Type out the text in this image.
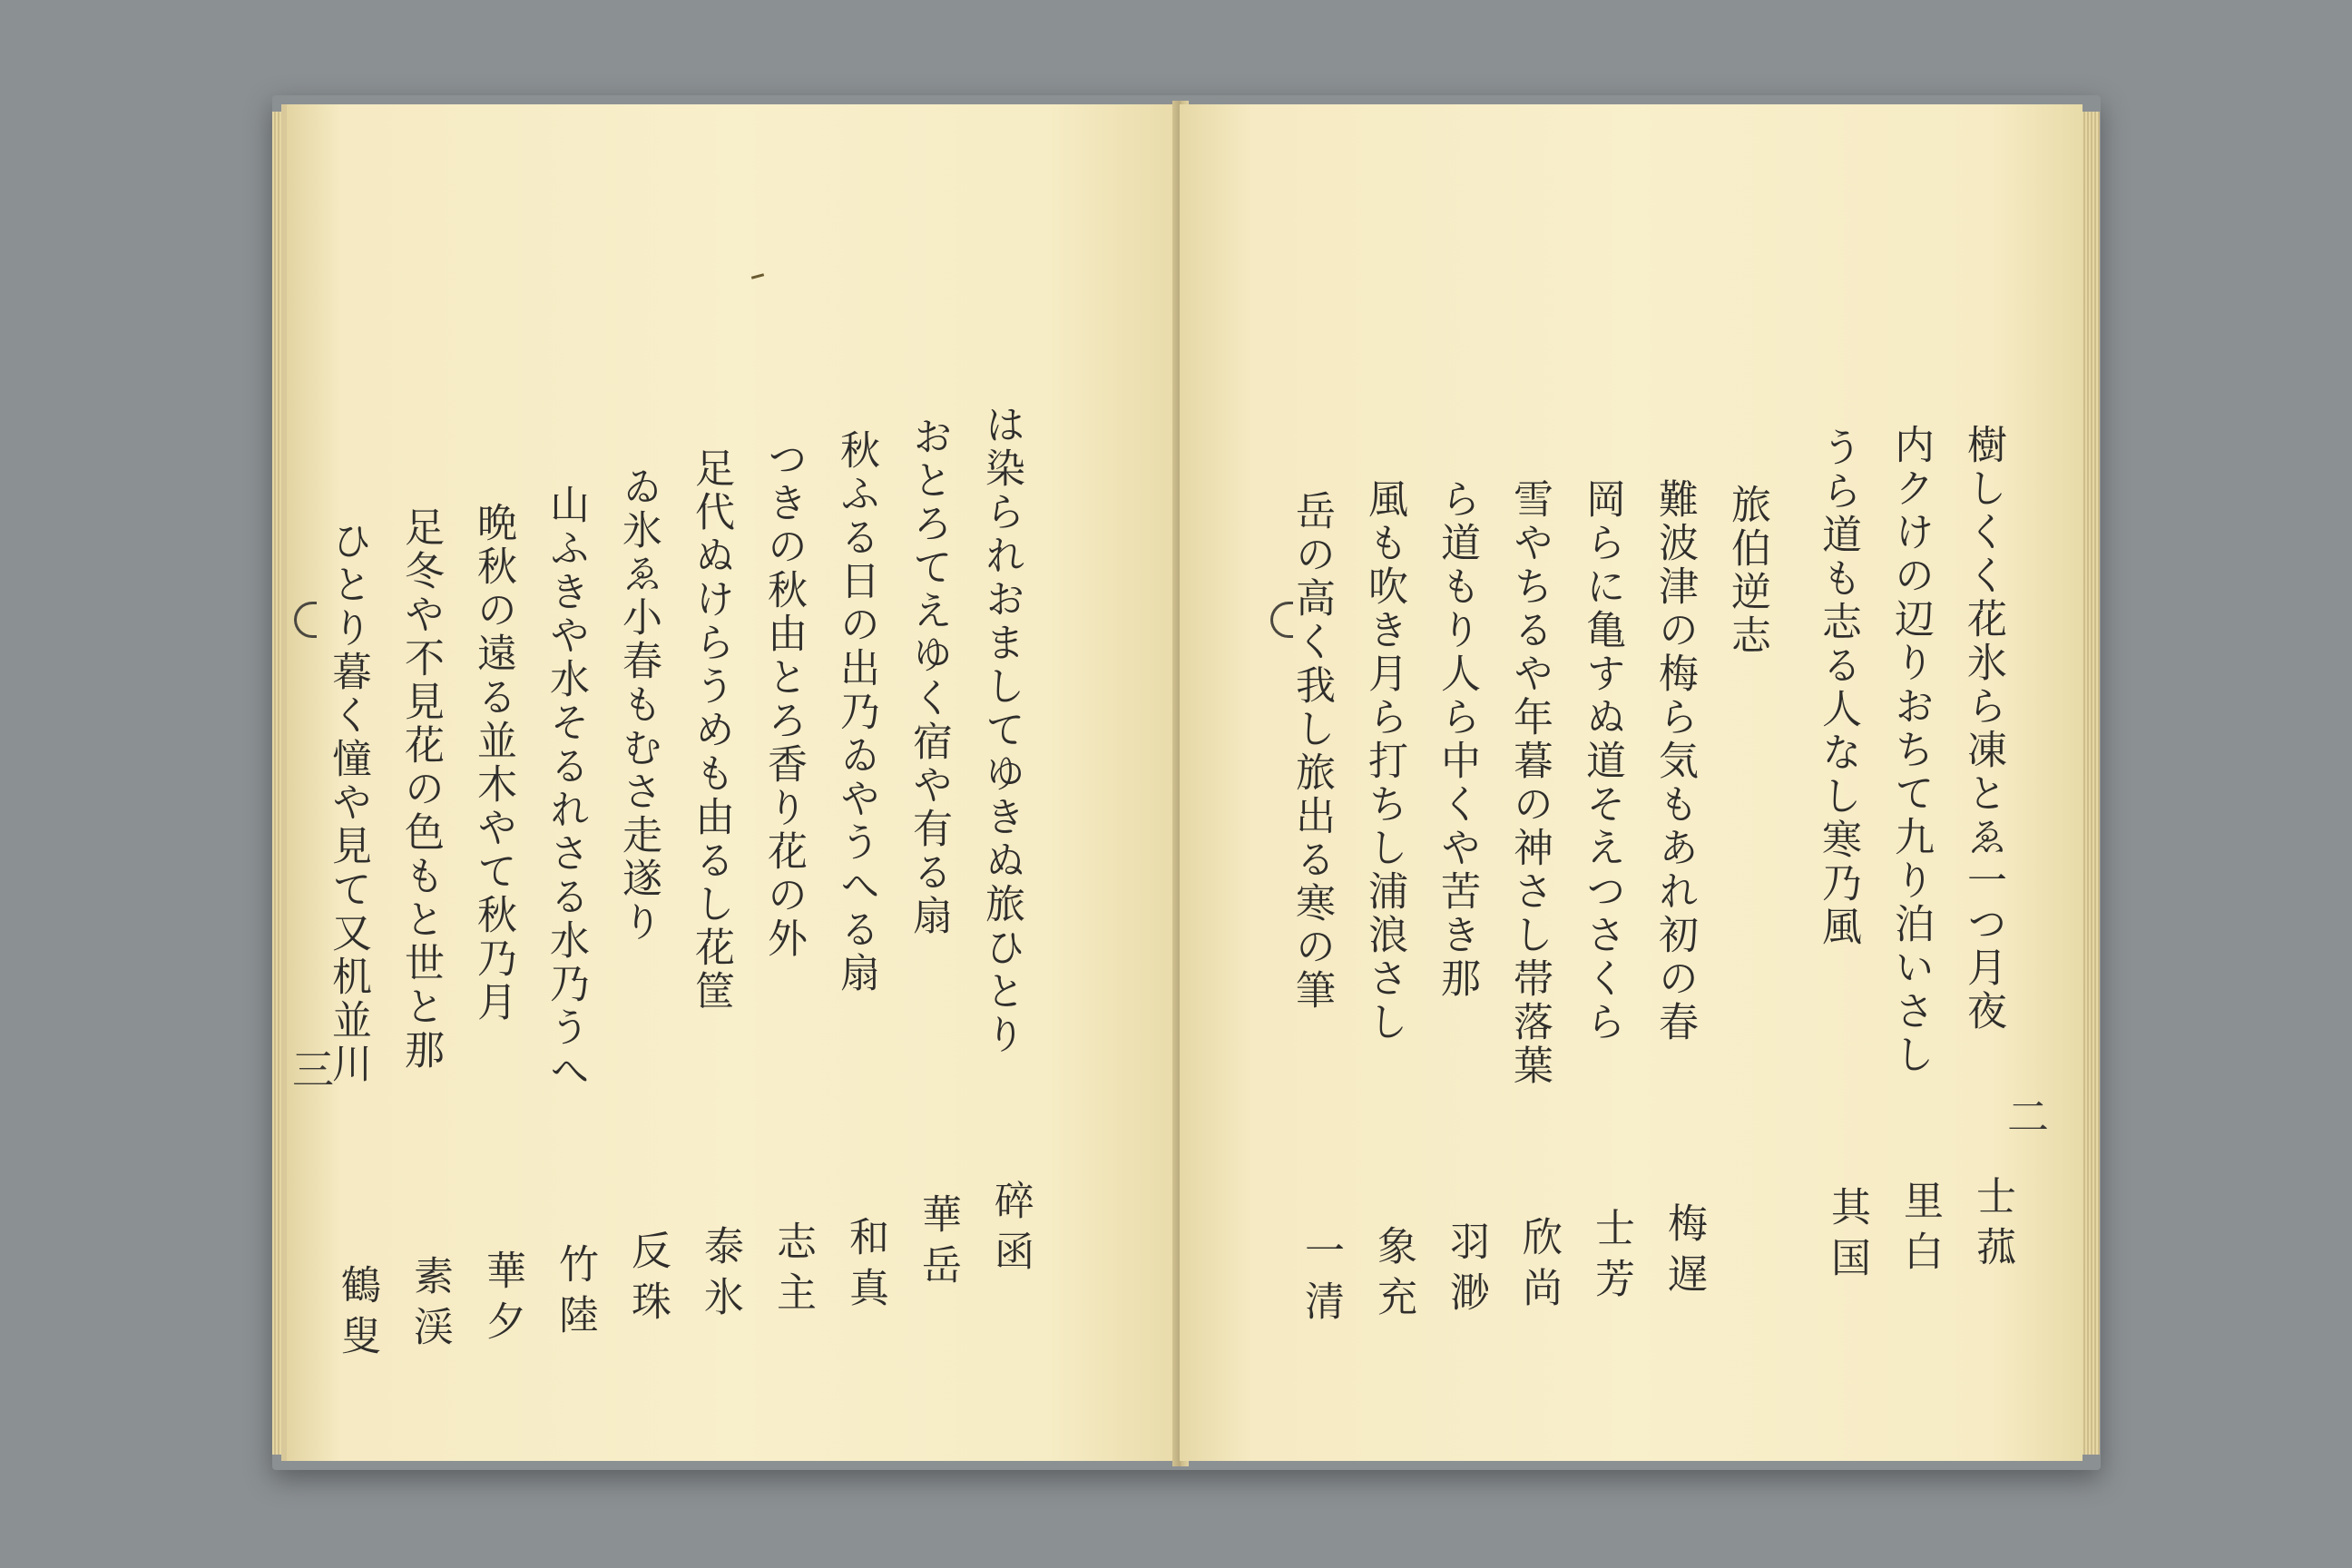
三
は染られおましてゆきぬ旅ひとり
碎函
おとろてえゆく宿や有る扇
華岳
秋ふる日の出乃ゐやうへる扇
和真
つきの秋由とろ香り花の外
志主
足代ぬけらうめも由るし花筐
泰氷
ゐ氷ゑ小春もむさ走遂り
反珠
山ふきや水そるれさる水乃うへ
竹陸
晩秋の遠る並木やて秋乃月
華夕
足冬や不見花の色もと世と那
素渓
ひとり暮く憧や見て又机並川
鶴叟
二
樹しくく花氷ら凍とゑ一つ月夜
士菰
内クけの辺りおちて九り泊いさし
里白
うら道も志る人なし寒乃風
其国
旅伯逆志
難波津の梅ら気もあれ初の春
梅遅
岡らに亀すぬ道そえつさくら
士芳
雪やちるや年暮の神さし帯落葉
欣尚
ら道もり人ら中くや苦き那
羽渺
風も吹き月ら打ちし浦浪さし
象充
岳の高く我し旅出る寒の筆
一清
